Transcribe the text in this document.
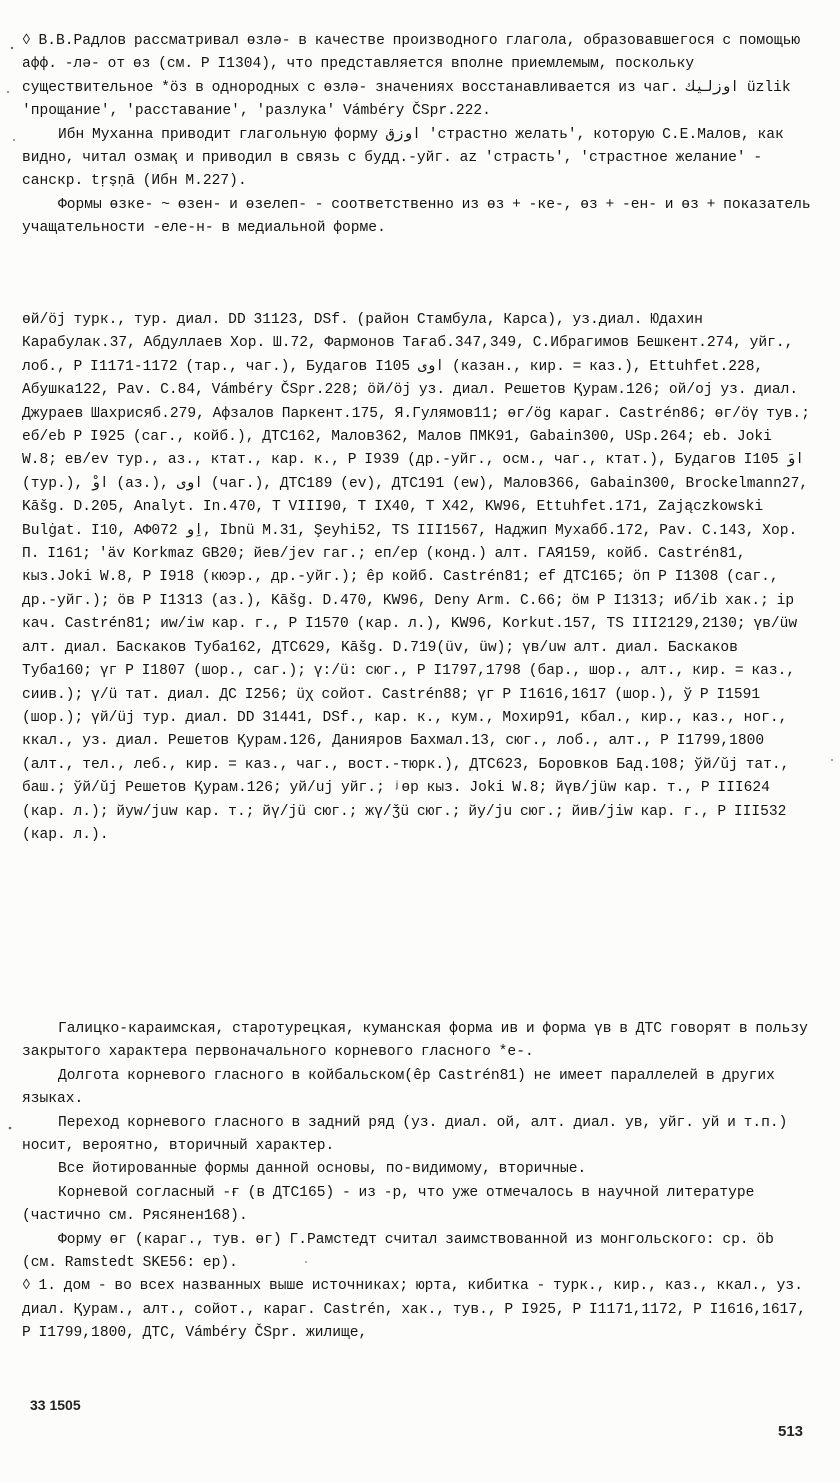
◊ В.В.Радлов рассматривал өзлә- в качестве производного глагола, образовавшегося с помощью афф. -лә- от өз (см. Р I1304), что представляется вполне приемлемым, поскольку существительное *öз в однородных с өзлә- значениях восстанавливается из чаг. اوزليك üzlik 'прощание', 'расставание', 'разлука' Vámbéry ČSpr.222.

Ибн Муханна приводит глагольную форму اوزق 'страстно желать', которую С.Е.Малов, как видно, читал озмақ и приводил в связь с будд.-уйг. az 'страсть', 'страстное желание' - санскр. tṛṣṇā (Ибн М.227).

Формы өзке- ~ өзен- и өзелеп- - соответственно из өз + -ке-, өз + -ен- и өз + показатель учащательности -еле-н- в медиальной форме.

өй/öj турк., тур. диал. DD 31123, DSf. (район Стамбула, Карса), уз.диал. Юдахин Карабулак.37, Абдуллаев Хор. Ш.72, Фармонов Тағаб.347,349, С.Ибрагимов Бешкент.274, уйг., лоб., Р I1171-1172 (тар., чаг.), Будагов I105 اوی (казан., кир. = каз.), Ettuhfet.228, Абушка122, Pav. C.84, Vámbéry ČSpr.228; öй/öj уз. диал. Решетов Қурам.126; ой/oj уз. диал. Джураев Шахрисяб.279, Афзалов Паркент.175, Я.Гулямов11; өг/ög караг. Castrén86; өг/öγ тув.; еб/eb P I925 (саг., койб.), ДТС162, Малов362, Малов ПМК91, Gabain300, USp.264; еb. Joki W.8; ев/ev тур., аз., ктат., кар. к., Р I939 (др.-уйг., осм., чаг., ктат.), Будагов I105 اوَ (тур.), اوْ (аз.), اوی (чаг.), ДТС189 (ev), ДТС191 (ew), Малов366, Gabain300, Brockelmann27, Kāšg. D.205, Analyt. In.470, Т VIII90, Т IX40, Т X42, KW96, Ettuhfet.171, Zajączkowski Bulġat. I10, АФ072 اِو, Ibnü M.31, Şeyhi52, TS III1567, Наджип Мухабб.172, Pav. C.143, Хор. П. I161; 'äv Korkmaz GB20; йев/jev гаг.; еп/ep (конд.) алт. ГАЯ159, койб. Castrén81, кыз.Joki W.8, Р I918 (кюэр., др.-уйг.); êp койб. Castrén81; ef ДТС165; öп Р I1308 (саг., др.-уйг.); öв Р I1313 (аз.), Kāšg. D.470, KW96, Deny Arm. C.66; öм Р I1313; иб/ib хак.; ip кач. Castrén81; иw/iw кар. г., Р I1570 (кар. л.), KW96, Korkut.157, TS III2129,2130; үв/üw алт. диал. Баскаков Туба162, ДТС629, Kāšg. D.719(üv, üw); үв/uw алт. диал. Баскаков Туба160; үг Р I1807 (шор., саг.); ү:/ü: сюг., Р I1797,1798 (бар., шор., алт., кир. = каз., сиив.); ү/ü тат. диал. ДС I256; üχ сойот. Castrén88; үг Р I1616,1617 (шор.), ў Р I1591 (шор.); үй/üj тур. диал. DD 31441, DSf., кар. к., кум., Мохир91, кбал., кир., каз., ног., ккал., уз. диал. Решетов Қурам.126, Данияров Бахмал.13, сюг., лоб., алт., Р I1799,1800 (алт., тел., леб., кир. = каз., чаг., вост.-тюрк.), ДТС623, Боровков Бад.108; ўй/ŭj тат., баш.; ўй/ŭj Решетов Қурам.126; уй/uj уйг.; ʲөр кыз. Joki W.8; йүв/jüw кар. т., Р III624 (кар. л.); йуw/juw кар. т.; йү/jü сюг.; жү/ǯü сюг.; йу/ju сюг.; йив/jiw кар. г., Р III532 (кар. л.).

Галицко-караимская, старотурецкая, куманская форма ив и форма үв в ДТС говорят в пользу закрытого характера первоначального корневого гласного *е-.

Долгота корневого гласного в койбальском(êр Castrén81) не имеет параллелей в других языках.

Переход корневого гласного в задний ряд (уз. диал. ой, алт. диал. ув, уйг. уй и т.п.) носит, вероятно, вторичный характер.

Все йотированные формы данной основы, по-видимому, вторичные.

Корневой согласный -ғ (в ДТС165) - из -р, что уже отмечалось в научной литературе (частично см. Рясянен168).

Форму өг (караг., тув. өг) Г.Рамстедт считал заимствованной из монгольского: ср. öb (см. Ramstedt SKE56: ep).

◊ 1. дом - во всех названных выше источниках; юрта, кибитка - турк., кир., каз., ккал., уз. диал. Қурам., алт., сойот., караг. Castrén, хак., тув., Р I925, Р I1171,1172, Р I1616,1617, Р I1799,1800, ДТС, Vámbéry ČSpr. жилище,

33 1505
513
